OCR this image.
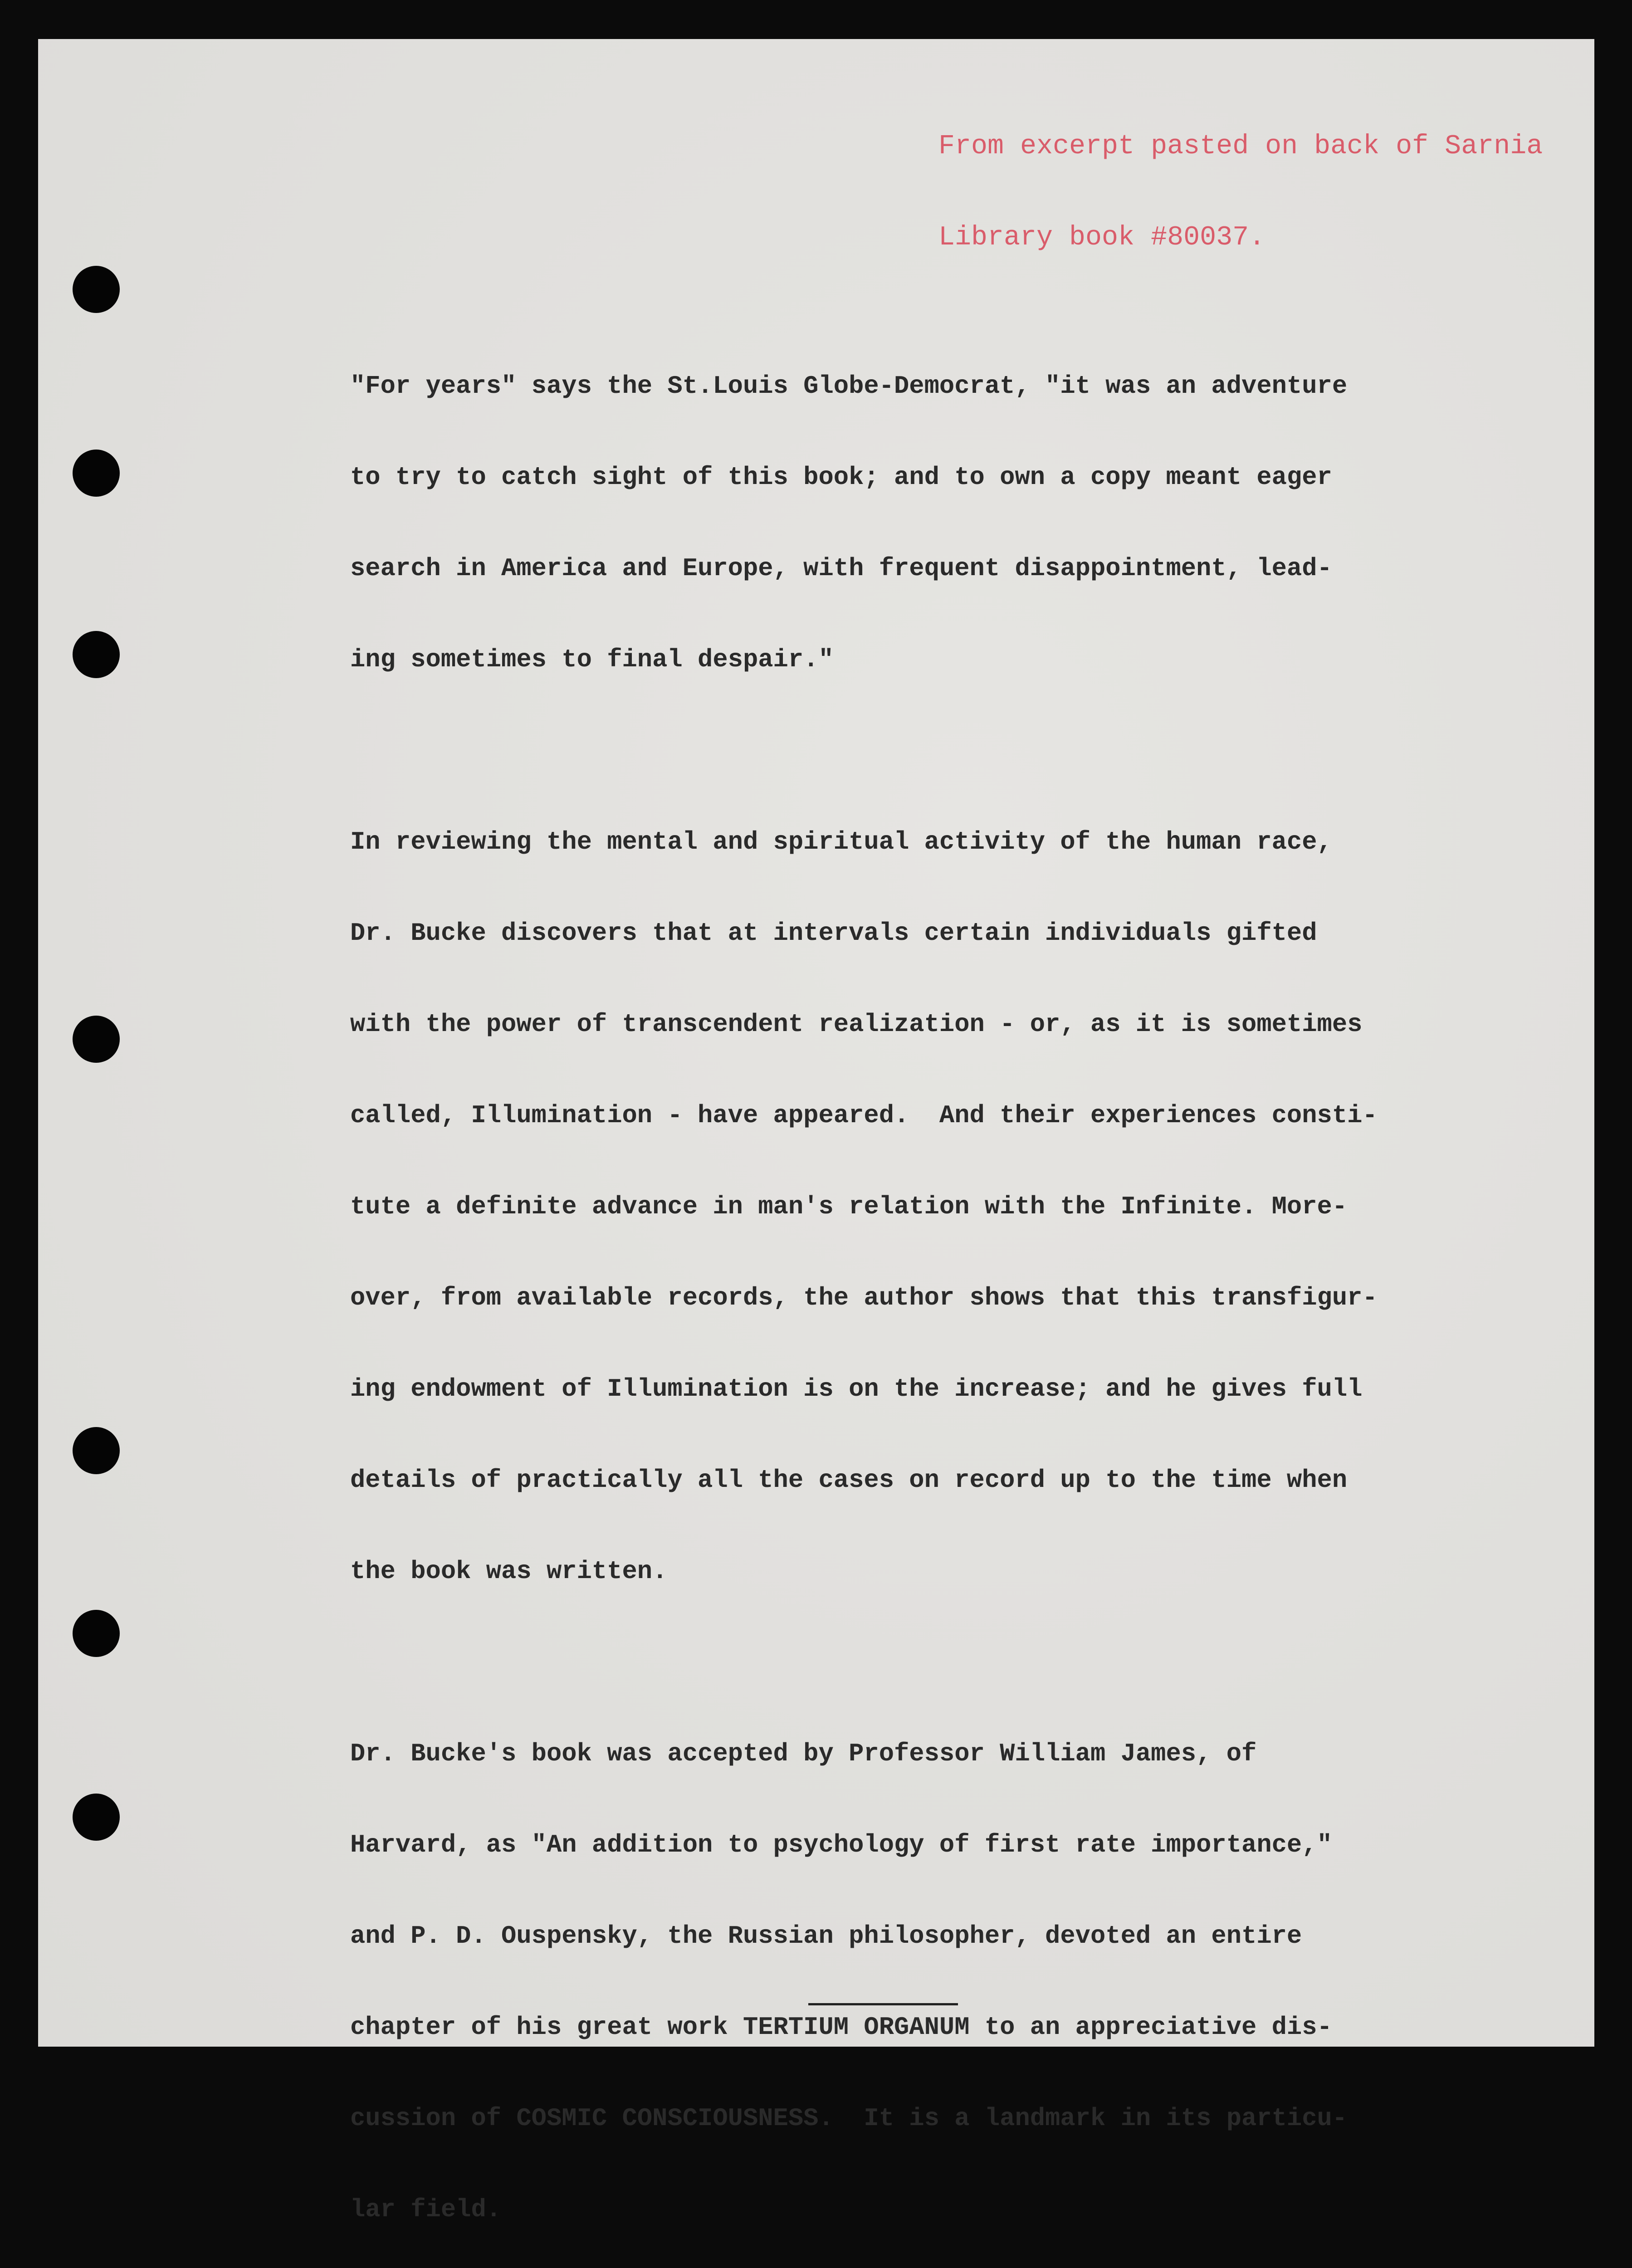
From excerpt pasted on back of Sarnia

Library book #80037.

"For years" says the St.Louis Globe-Democrat, "it was an adventure

to try to catch sight of this book; and to own a copy meant eager

search in America and Europe, with frequent disappointment, lead-

ing sometimes to final despair."

In reviewing the mental and spiritual activity of the human race,

Dr. Bucke discovers that at intervals certain individuals gifted

with the power of transcendent realization - or, as it is sometimes

called, Illumination - have appeared.  And their experiences consti-

tute a definite advance in man's relation with the Infinite. More-

over, from available records, the author shows that this transfigur-

ing endowment of Illumination is on the increase; and he gives full

details of practically all the cases on record up to the time when

the book was written.

Dr. Bucke's book was accepted by Professor William James, of

Harvard, as "An addition to psychology of first rate importance,"

and P. D. Ouspensky, the Russian philosopher, devoted an entire

chapter of his great work TERTIUM ORGANUM to an appreciative dis-

cussion of COSMIC CONSCIOUSNESS.  It is a landmark in its particu-

lar field.
